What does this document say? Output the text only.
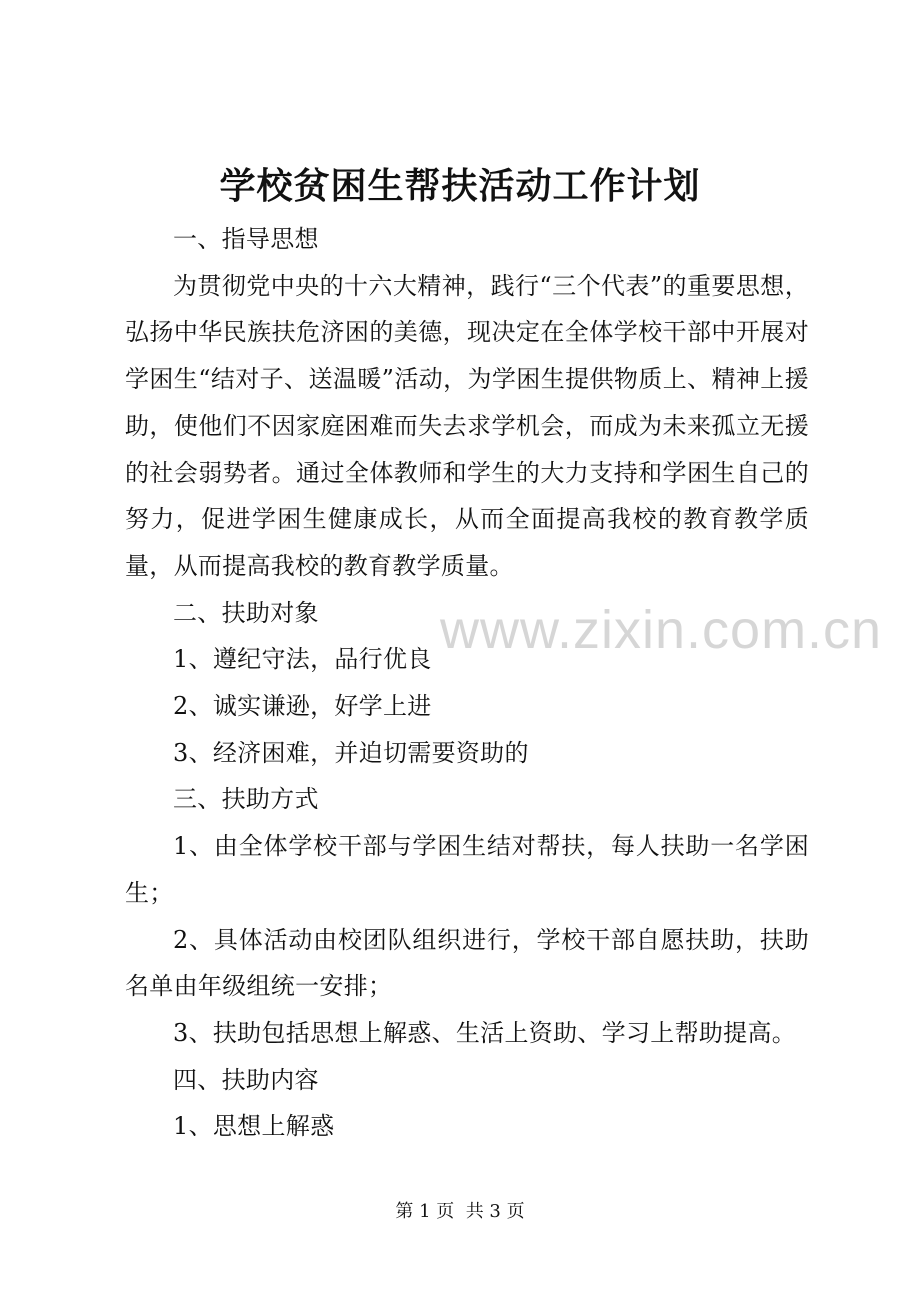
学校贫困生帮扶活动工作计划

一、指导思想

为贯彻党中央的十六大精神，践行“三个代表”的重要思想，弘扬中华民族扶危济困的美德，现决定在全体学校干部中开展对学困生“结对子、送温暖”活动，为学困生提供物质上、精神上援助，使他们不因家庭困难而失去求学机会，而成为未来孤立无援的社会弱势者。通过全体教师和学生的大力支持和学困生自己的努力，促进学困生健康成长，从而全面提高我校的教育教学质量，从而提高我校的教育教学质量。

二、扶助对象

1、遵纪守法，品行优良

2、诚实谦逊，好学上进

3、经济困难，并迫切需要资助的

三、扶助方式

1、由全体学校干部与学困生结对帮扶，每人扶助一名学困生；

2、具体活动由校团队组织进行，学校干部自愿扶助，扶助名单由年级组统一安排；

3、扶助包括思想上解惑、生活上资助、学习上帮助提高。

四、扶助内容

1、思想上解惑

www.zixin.com.cn
第 1 页  共 3 页
